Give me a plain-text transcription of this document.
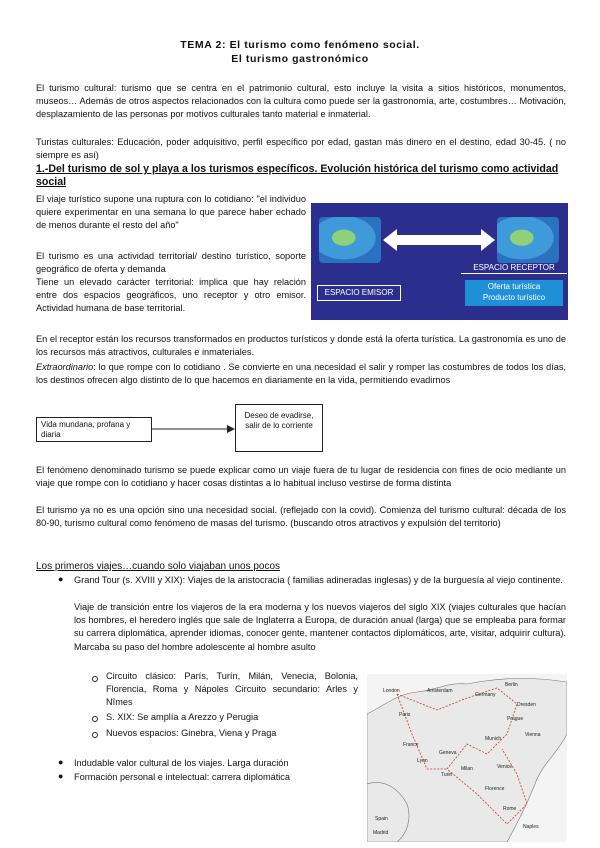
TEMA 2: El turismo como fenómeno social.
El turismo gastronómico

El turismo cultural: turismo que se centra en el patrimonio cultural, esto incluye la visita a sitios históricos, monumentos, museos… Además de otros aspectos relacionados con la cultura como puede ser la gastronomía, arte, costumbres… Motivación, desplazamiento de las personas por motivos culturales tanto material e inmaterial.

Turistas culturales: Educación, poder adquisitivo, perfil específico por edad, gastan más dinero en el destino, edad 30-45. ( no siempre es así)

1.-Del turismo de sol y playa a los turismos específicos. Evolución histórica del turismo como actividad social

El viaje turístico supone una ruptura con lo cotidiano: "el individuo quiere experimentar en una semana lo que parece haber echado de menos durante el resto del año"

El turismo es una actividad territorial/ destino turístico, soporte geográfico de oferta y demanda

Tiene un elevado carácter territorial: implica que hay relación entre dos espacios geográficos, uno receptor y otro emisor. Actividad humana de base territorial.

ESPACIO RECEPTOR
Oferta turística
Producto turístico
ESPACIO EMISOR

En el receptor están los recursos transformados en productos turísticos y donde está la oferta turística. La gastronomía es uno de los recursos más atractivos, culturales e inmateriales.

Extraordinario: lo que rompe con lo cotidiano . Se convierte en una necesidad el salir y romper las costumbres de todos los días, los destinos ofrecen algo distinto de lo que hacemos en diariamente en la vida, permitiendo evadirnos

Vida mundana, profana y diaria
Deseo de evadirse, salir de lo corriente

El fenómeno denominado turismo se puede explicar como un viaje fuera de tu lugar de residencia con fines de ocio mediante un viaje que rompe con lo cotidiano y hacer cosas distintas a lo habitual incluso vestirse de forma distinta

El turismo ya no es una opción sino una necesidad social. (reflejado con la covid). Comienza del turismo cultural: década de los 80-90, turismo cultural como fenómeno de masas del turismo. (buscando otros atractivos y expulsión del territorio)

Los primeros viajes…cuando solo viajaban unos pocos
● Grand Tour (s. XVIII y XIX): Viajes de la aristocracia ( familias adineradas inglesas) y de la burguesía al viejo continente.

Viaje de transición entre los viajeros de la era moderna y los nuevos viajeros del siglo XIX (viajes culturales que hacían los hombres, el heredero inglés que sale de Inglaterra a Europa, de duración anual (larga) que se empleaba para formar su carrera diplomática, aprender idiomas, conocer gente, mantener contactos diplomáticos, arte, visitar, adquirir cultura). Marcaba su paso del hombre adolescente al hombre asulto

Circuito clásico: París, Turín, Milán, Venecia, Bolonia, Florencia, Roma y Nápoles Circuito secundario: Arles y Nîmes

S. XIX: Se amplía a Arezzo y Perugia

Nuevos espacios: Ginebra, Viena y Praga

● Indudable valor cultural de los viajes. Larga duración

● Formación personal e intelectual: carrera diplomática

Berlin
Germany
Dresden
Prague
Vienna
Munich
Paris
France
Lyon
Geneva
Turin
Milan	Venice
Florence
Rome
Naples
Spain
Madrid
Amsterdam
London
